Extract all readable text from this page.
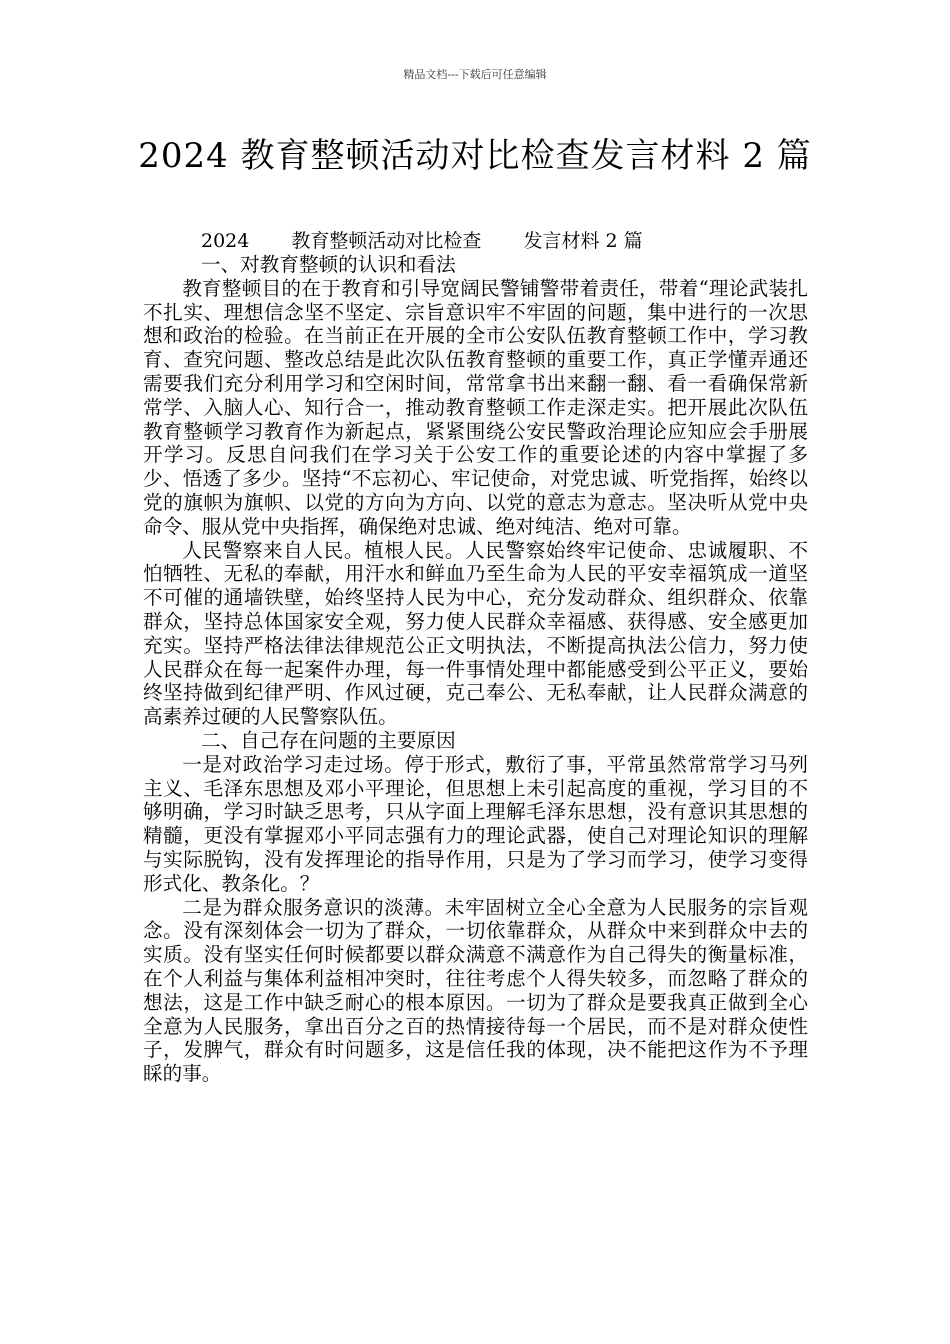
精品文档---下载后可任意编辑
2024 教育整顿活动对比检查发言材料 2 篇
2024 教育整顿活动对比检查 发言材料 2 篇

一、对教育整顿的认识和看法

教育整顿目的在于教育和引导宽阔民警铺警带着责任，带着“理论武装扎不扎实、理想信念坚不坚定、宗旨意识牢不牢固的问题，集中进行的一次思想和政治的检验。在当前正在开展的全市公安队伍教育整顿工作中，学习教育、查究问题、整改总结是此次队伍教育整顿的重要工作，真正学懂弄通还需要我们充分利用学习和空闲时间，常常拿书出来翻一翻、看一看确保常新常学、入脑人心、知行合一，推动教育整顿工作走深走实。把开展此次队伍教育整顿学习教育作为新起点，紧紧围绕公安民警政治理论应知应会手册展开学习。反思自问我们在学习关于公安工作的重要论述的内容中掌握了多少、悟透了多少。坚持“不忘初心、牢记使命，对党忠诚、听党指挥，始终以党的旗帜为旗帜、以党的方向为方向、以党的意志为意志。坚决听从党中央命令、服从党中央指挥，确保绝对忠诚、绝对纯洁、绝对可靠。

人民警察来自人民。植根人民。人民警察始终牢记使命、忠诚履职、不怕牺牲、无私的奉献，用汗水和鲜血乃至生命为人民的平安幸福筑成一道坚不可催的通墙铁壁，始终坚持人民为中心，充分发动群众、组织群众、依靠群众，坚持总体国家安全观，努力使人民群众幸福感、获得感、安全感更加充实。坚持严格法律法律规范公正文明执法，不断提高执法公信力，努力使人民群众在每一起案件办理，每一件事情处理中都能感受到公平正义，要始终坚持做到纪律严明、作风过硬，克己奉公、无私奉献，让人民群众满意的高素养过硬的人民警察队伍。

二、自己存在问题的主要原因

一是对政治学习走过场。停于形式，敷衍了事，平常虽然常常学习马列主义、毛泽东思想及邓小平理论，但思想上未引起高度的重视，学习目的不够明确，学习时缺乏思考，只从字面上理解毛泽东思想，没有意识其思想的精髓，更没有掌握邓小平同志强有力的理论武器，使自己对理论知识的理解与实际脱钩，没有发挥理论的指导作用，只是为了学习而学习，使学习变得形式化、教条化。？

二是为群众服务意识的淡薄。未牢固树立全心全意为人民服务的宗旨观念。没有深刻体会一切为了群众，一切依靠群众，从群众中来到群众中去的实质。没有坚实任何时候都要以群众满意不满意作为自己得失的衡量标准，在个人利益与集体利益相冲突时，往往考虑个人得失较多，而忽略了群众的想法，这是工作中缺乏耐心的根本原因。一切为了群众是要我真正做到全心全意为人民服务，拿出百分之百的热情接待每一个居民，而不是对群众使性子，发脾气，群众有时问题多，这是信任我的体现，决不能把这作为不予理睬的事。
